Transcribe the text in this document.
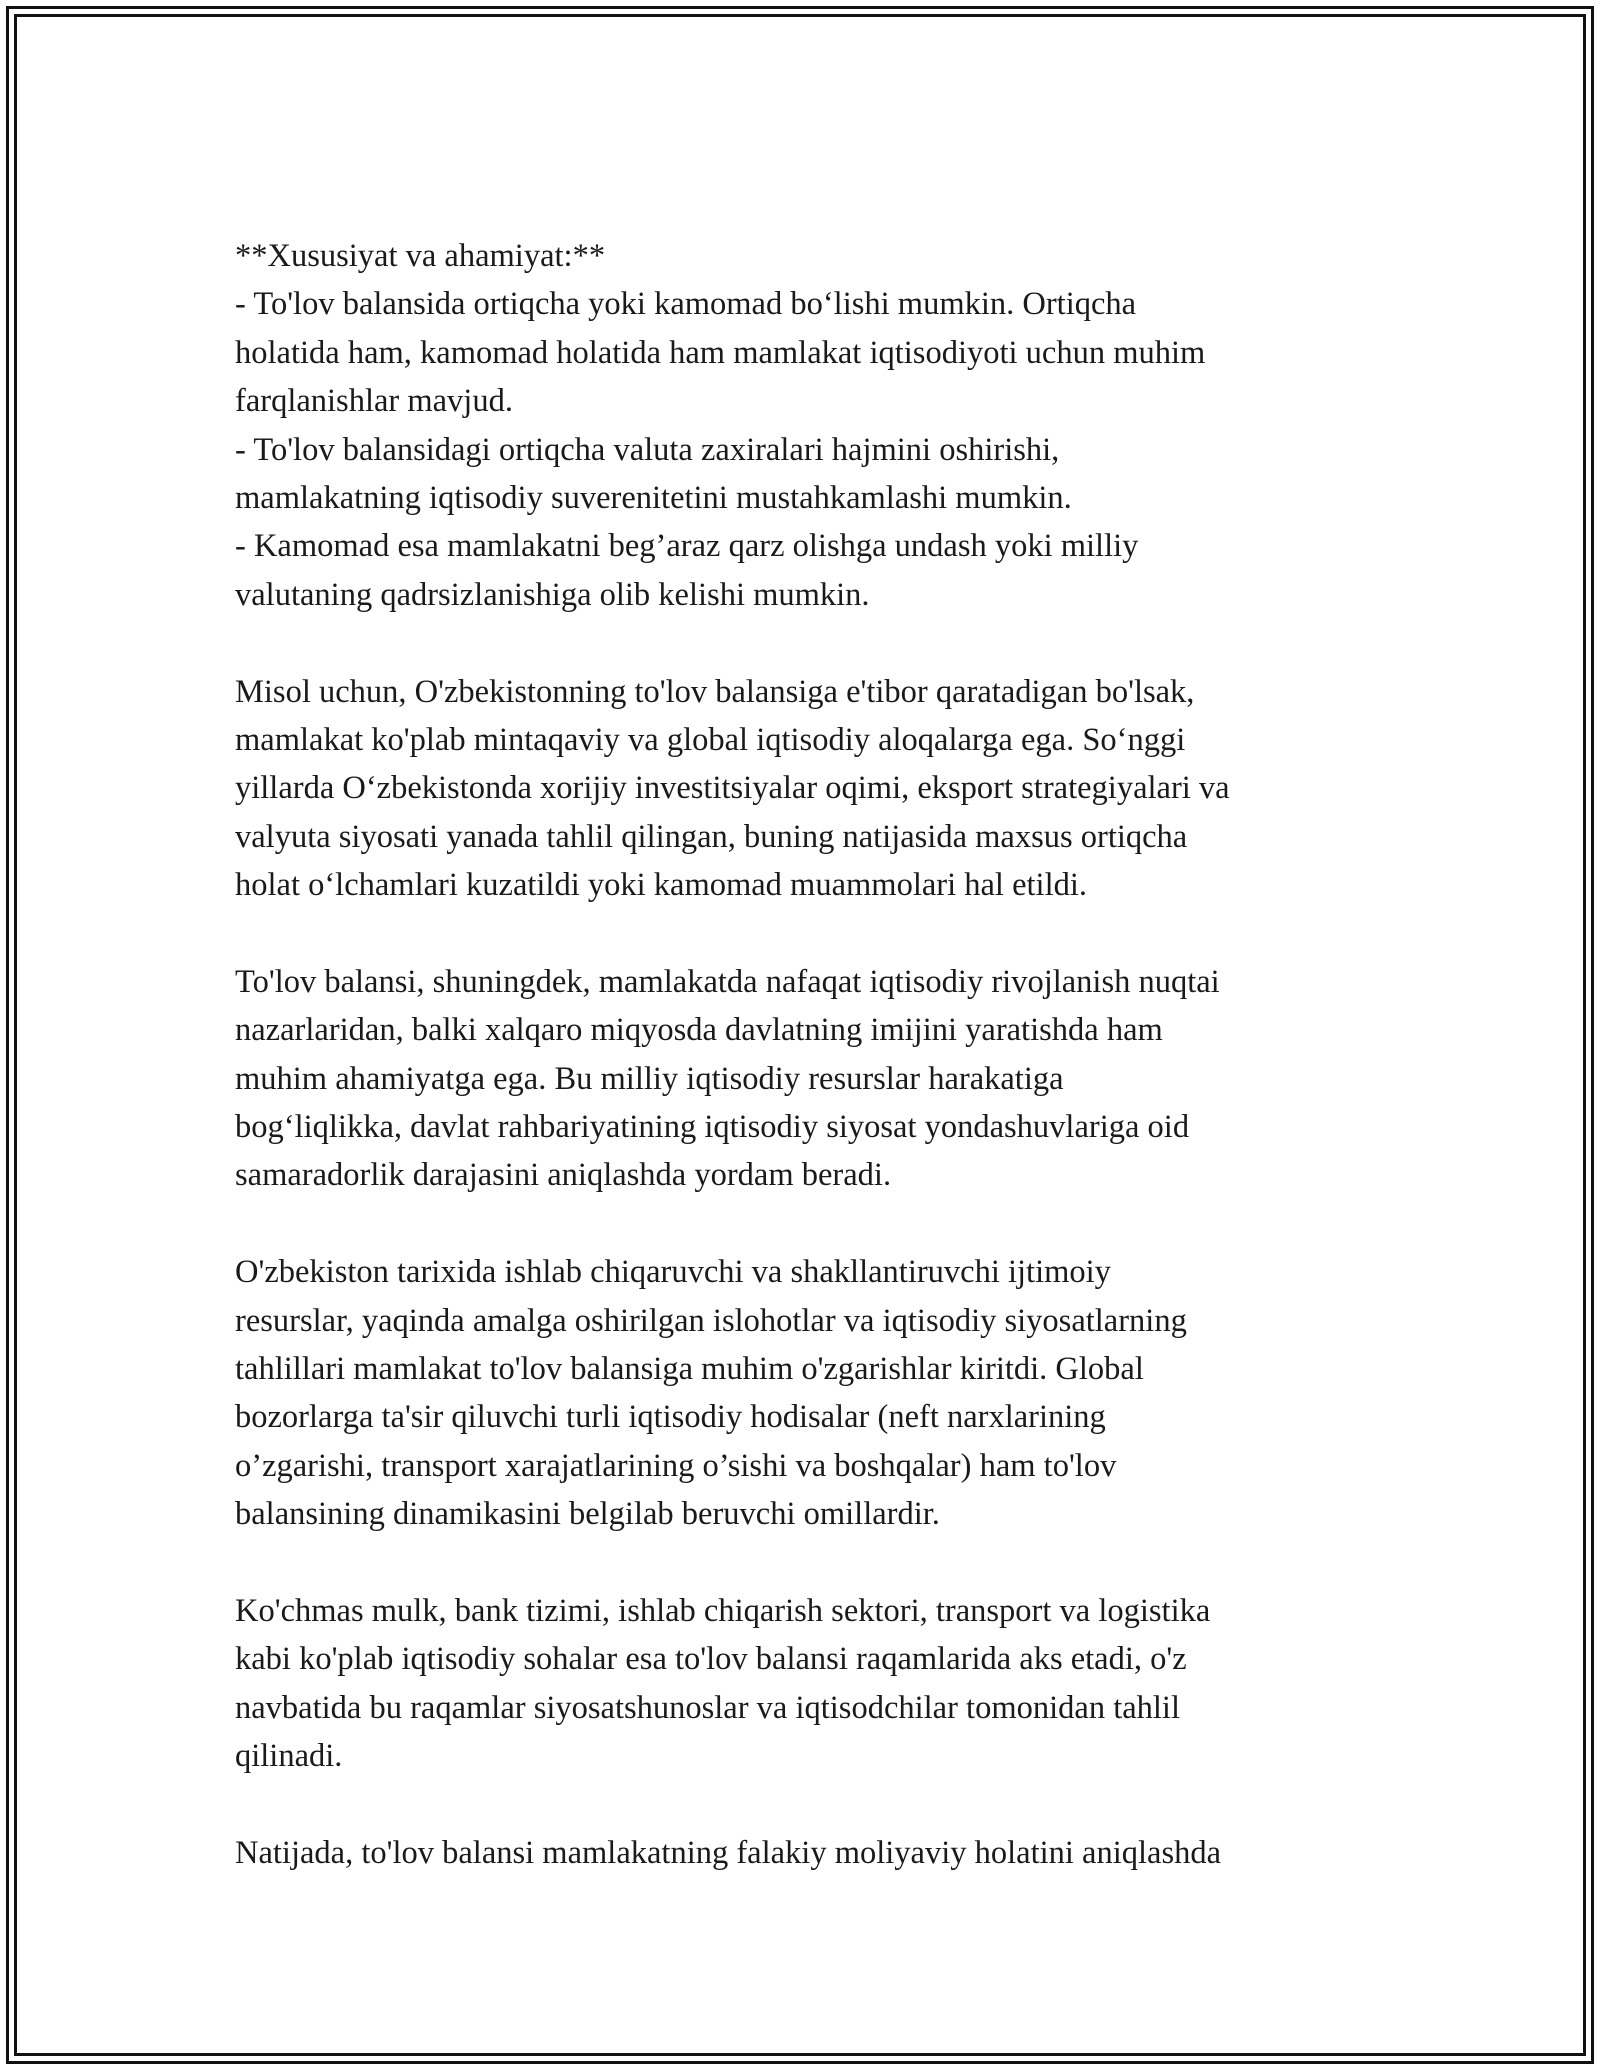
**Xususiyat va ahamiyat:**
- To'lov balansida ortiqcha yoki kamomad bo‘lishi mumkin. Ortiqcha
holatida ham, kamomad holatida ham mamlakat iqtisodiyoti uchun muhim
farqlanishlar mavjud.
- To'lov balansidagi ortiqcha valuta zaxiralari hajmini oshirishi,
mamlakatning iqtisodiy suverenitetini mustahkamlashi mumkin.
- Kamomad esa mamlakatni beg’araz qarz olishga undash yoki milliy
valutaning qadrsizlanishiga olib kelishi mumkin.
Misol uchun, O'zbekistonning to'lov balansiga e'tibor qaratadigan bo'lsak,
mamlakat ko'plab mintaqaviy va global iqtisodiy aloqalarga ega. So‘nggi
yillarda O‘zbekistonda xorijiy investitsiyalar oqimi, eksport strategiyalari va
valyuta siyosati yanada tahlil qilingan, buning natijasida maxsus ortiqcha
holat o‘lchamlari kuzatildi yoki kamomad muammolari hal etildi.
To'lov balansi, shuningdek, mamlakatda nafaqat iqtisodiy rivojlanish nuqtai
nazarlaridan, balki xalqaro miqyosda davlatning imijini yaratishda ham
muhim ahamiyatga ega. Bu milliy iqtisodiy resurslar harakatiga
bog‘liqlikka, davlat rahbariyatining iqtisodiy siyosat yondashuvlariga oid
samaradorlik darajasini aniqlashda yordam beradi.
O'zbekiston tarixida ishlab chiqaruvchi va shakllantiruvchi ijtimoiy
resurslar, yaqinda amalga oshirilgan islohotlar va iqtisodiy siyosatlarning
tahlillari mamlakat to'lov balansiga muhim o'zgarishlar kiritdi. Global
bozorlarga ta'sir qiluvchi turli iqtisodiy hodisalar (neft narxlarining
o’zgarishi, transport xarajatlarining o’sishi va boshqalar) ham to'lov
balansining dinamikasini belgilab beruvchi omillardir.
Ko'chmas mulk, bank tizimi, ishlab chiqarish sektori, transport va logistika
kabi ko'plab iqtisodiy sohalar esa to'lov balansi raqamlarida aks etadi, o'z
navbatida bu raqamlar siyosatshunoslar va iqtisodchilar tomonidan tahlil
qilinadi.
Natijada, to'lov balansi mamlakatning falakiy moliyaviy holatini aniqlashda
